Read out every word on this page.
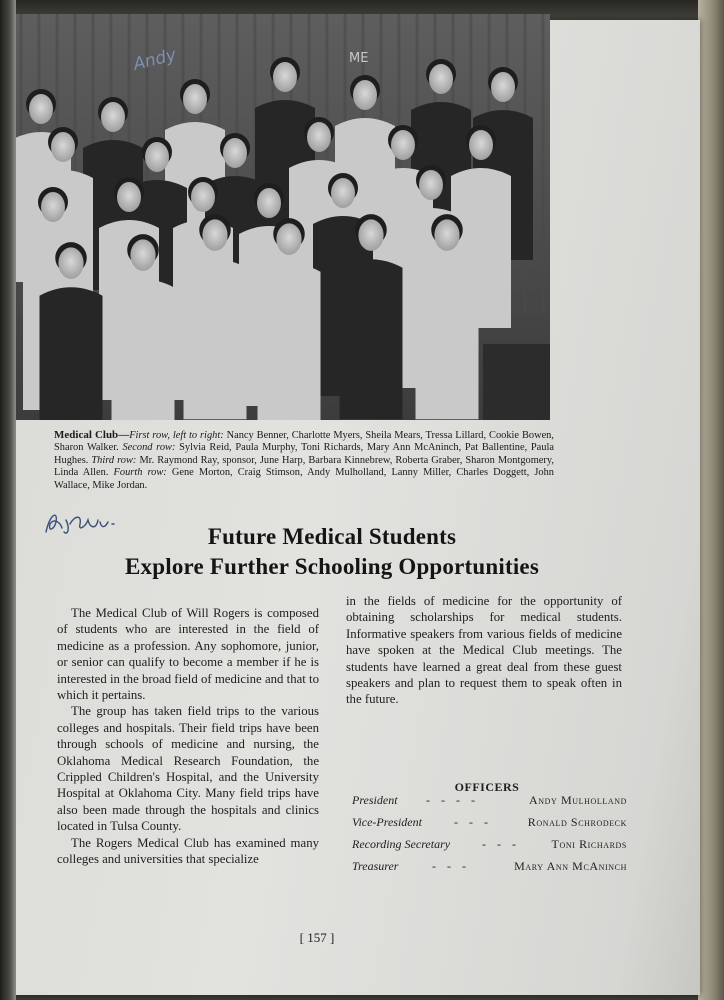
Andy	ME
Medical Club—First row, left to right: Nancy Benner, Charlotte Myers, Sheila Mears, Tressa Lillard, Cookie Bowen, Sharon Walker. Second row: Sylvia Reid, Paula Murphy, Toni Richards, Mary Ann McAninch, Pat Ballentine, Paula Hughes. Third row: Mr. Raymond Ray, sponsor, June Harp, Barbara Kinnebrew, Roberta Graber, Sharon Montgomery, Linda Allen. Fourth row: Gene Morton, Craig Stimson, Andy Mulholland, Lanny Miller, Charles Doggett, John Wallace, Mike Jordan.
Future Medical Students
Explore Further Schooling Opportunities

The Medical Club of Will Rogers is composed of students who are interested in the field of medicine as a profession. Any sophomore, junior, or senior can qualify to become a member if he is interested in the broad field of medicine and that to which it pertains.

The group has taken field trips to the various colleges and hospitals. Their field trips have been through schools of medicine and nursing, the Oklahoma Medical Research Foundation, the Crippled Children's Hospital, and the University Hospital at Oklahoma City. Many field trips have also been made through the hospitals and clinics located in Tulsa County.

The Rogers Medical Club has examined many colleges and universities that specialize

in the fields of medicine for the opportunity of obtaining scholarships for medical students. Informative speakers from various fields of medicine have spoken at the Medical Club meetings. The students have learned a great deal from these guest speakers and plan to request them to speak often in the future.

OFFICERS
President - - - -	Andy Mulholland
Vice-President	- - -	Ronald Schrodeck
Recording Secretary	- - -	Toni Richards
Treasurer	- - -	Mary Ann McAninch
[ 157 ]
